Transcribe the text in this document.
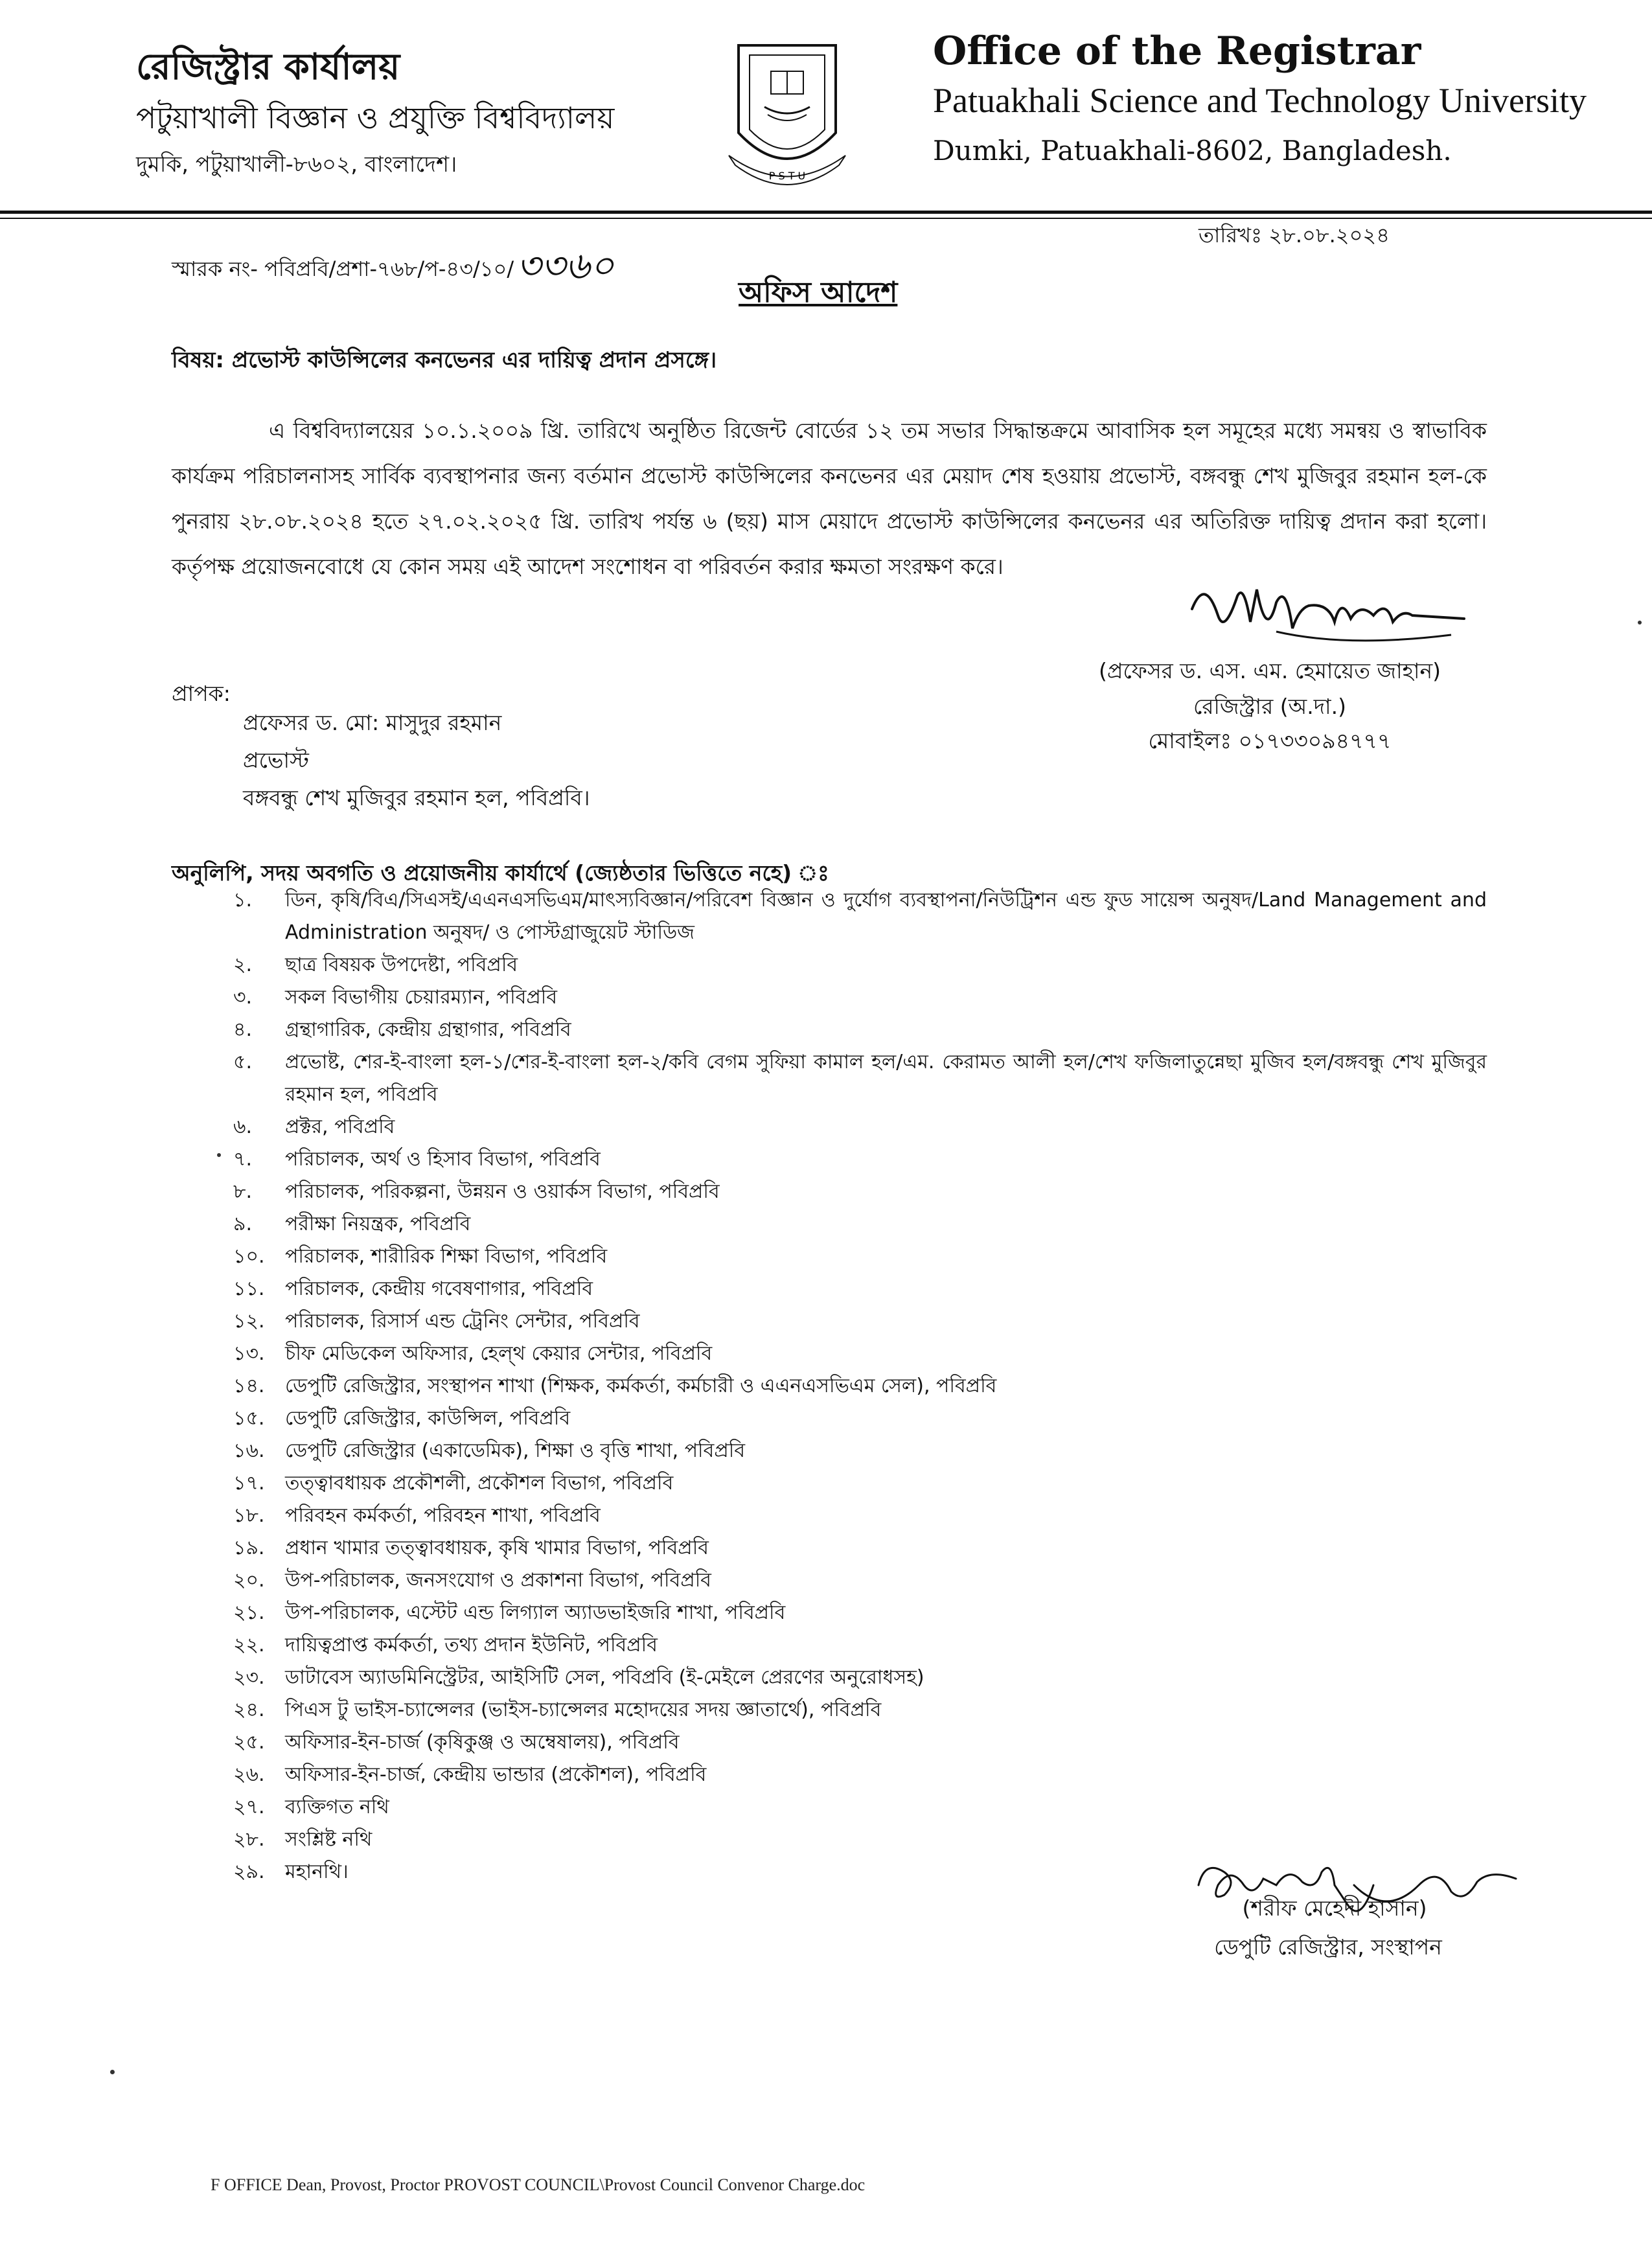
রেজিস্ট্রার কার্যালয়
পটুয়াখালী বিজ্ঞান ও প্রযুক্তি বিশ্ববিদ্যালয়
দুমকি, পটুয়াখালী-৮৬০২, বাংলাদেশ।	P S T U
Office of the Registrar
Patuakhali Science and Technology University
Dumki, Patuakhali-8602, Bangladesh.
স্মারক নং- পবিপ্রবি/প্রশা-৭৬৮/প-৪৩/১০/৩৩৬০
তারিখঃ ২৮.০৮.২০২৪
অফিস আদেশ
বিষয়: প্রভোস্ট কাউন্সিলের কনভেনর এর দায়িত্ব প্রদান প্রসঙ্গে।
এ বিশ্ববিদ্যালয়ের ১০.১.২০০৯ খ্রি. তারিখে অনুষ্ঠিত রিজেন্ট বোর্ডের ১২ তম সভার সিদ্ধান্তক্রমে আবাসিক হল সমূহের মধ্যে সমন্বয় ও স্বাভাবিক কার্যক্রম পরিচালনাসহ সার্বিক ব্যবস্থাপনার জন্য বর্তমান প্রভোস্ট কাউন্সিলের কনভেনর এর মেয়াদ শেষ হওয়ায় প্রভোস্ট, বঙ্গবন্ধু শেখ মুজিবুর রহমান হল-কে পুনরায় ২৮.০৮.২০২৪ হতে ২৭.০২.২০২৫ খ্রি. তারিখ পর্যন্ত ৬ (ছয়) মাস মেয়াদে প্রভোস্ট কাউন্সিলের কনভেনর এর অতিরিক্ত দায়িত্ব প্রদান করা হলো। কর্তৃপক্ষ প্রয়োজনবোধে যে কোন সময় এই আদেশ সংশোধন বা পরিবর্তন করার ক্ষমতা সংরক্ষণ করে।
(প্রফেসর ড. এস. এম. হেমায়েত জাহান)
রেজিস্ট্রার (অ.দা.)
মোবাইলঃ ০১৭৩৩০৯৪৭৭৭
প্রাপক:
প্রফেসর ড. মো: মাসুদুর রহমান
প্রভোস্ট
বঙ্গবন্ধু শেখ মুজিবুর রহমান হল, পবিপ্রবি।
অনুলিপি, সদয় অবগতি ও প্রয়োজনীয় কার্যার্থে (জ্যেষ্ঠতার ভিত্তিতে নহে) ঃ
১.	ডিন, কৃষি/বিএ/সিএসই/এএনএসভিএম/মাৎস্যবিজ্ঞান/পরিবেশ বিজ্ঞান ও দুর্যোগ ব্যবস্থাপনা/নিউট্রিশন এন্ড ফুড সায়েন্স অনুষদ/Land Management and Administration অনুষদ/ ও পোস্টগ্রাজুয়েট স্টাডিজ
২.	ছাত্র বিষয়ক উপদেষ্টা, পবিপ্রবি
৩.	সকল বিভাগীয় চেয়ারম্যান, পবিপ্রবি
৪.	গ্রন্থাগারিক, কেন্দ্রীয় গ্রন্থাগার, পবিপ্রবি
৫.	প্রভোষ্ট, শের-ই-বাংলা হল-১/শের-ই-বাংলা হল-২/কবি বেগম সুফিয়া কামাল হল/এম. কেরামত আলী হল/শেখ ফজিলাতুন্নেছা মুজিব হল/বঙ্গবন্ধু শেখ মুজিবুর রহমান হল, পবিপ্রবি
৬.	প্রক্টর, পবিপ্রবি
৭.	পরিচালক, অর্থ ও হিসাব বিভাগ, পবিপ্রবি
৮.	পরিচালক, পরিকল্পনা, উন্নয়ন ও ওয়ার্কস বিভাগ, পবিপ্রবি
৯.	পরীক্ষা নিয়ন্ত্রক, পবিপ্রবি
১০.	পরিচালক, শারীরিক শিক্ষা বিভাগ, পবিপ্রবি
১১.	পরিচালক, কেন্দ্রীয় গবেষণাগার, পবিপ্রবি
১২.	পরিচালক, রিসার্স এন্ড ট্রেনিং সেন্টার, পবিপ্রবি
১৩.	চীফ মেডিকেল অফিসার, হেল্থ কেয়ার সেন্টার, পবিপ্রবি
১৪.	ডেপুটি রেজিস্ট্রার, সংস্থাপন শাখা (শিক্ষক, কর্মকর্তা, কর্মচারী ও এএনএসভিএম সেল), পবিপ্রবি
১৫.	ডেপুটি রেজিস্ট্রার, কাউন্সিল, পবিপ্রবি
১৬.	ডেপুটি রেজিস্ট্রার (একাডেমিক), শিক্ষা ও বৃত্তি শাখা, পবিপ্রবি
১৭.	তত্ত্বাবধায়ক প্রকৌশলী, প্রকৌশল বিভাগ, পবিপ্রবি
১৮.	পরিবহন কর্মকর্তা, পরিবহন শাখা, পবিপ্রবি
১৯.	প্রধান খামার তত্ত্বাবধায়ক, কৃষি খামার বিভাগ, পবিপ্রবি
২০.	উপ-পরিচালক, জনসংযোগ ও প্রকাশনা বিভাগ, পবিপ্রবি
২১.	উপ-পরিচালক, এস্টেট এন্ড লিগ্যাল অ্যাডভাইজরি শাখা, পবিপ্রবি
২২.	দায়িত্বপ্রাপ্ত কর্মকর্তা, তথ্য প্রদান ইউনিট, পবিপ্রবি
২৩.	ডাটাবেস অ্যাডমিনিস্ট্রেটর, আইসিটি সেল, পবিপ্রবি (ই-মেইলে প্রেরণের অনুরোধসহ)
২৪.	পিএস টু ভাইস-চ্যান্সেলর (ভাইস-চ্যান্সেলর মহোদয়ের সদয় জ্ঞাতার্থে), পবিপ্রবি
২৫.	অফিসার-ইন-চার্জ (কৃষিকুঞ্জ ও অম্বেষালয়), পবিপ্রবি
২৬.	অফিসার-ইন-চার্জ, কেন্দ্রীয় ভান্ডার (প্রকৌশল), পবিপ্রবি
২৭.	ব্যক্তিগত নথি
২৮.	সংশ্লিষ্ট নথি
২৯.	মহানথি।
(শরীফ মেহেদী হাসান)
ডেপুটি রেজিস্ট্রার, সংস্থাপন
F OFFICE Dean, Provost, Proctor PROVOST COUNCIL\Provost Council Convenor Charge.doc
